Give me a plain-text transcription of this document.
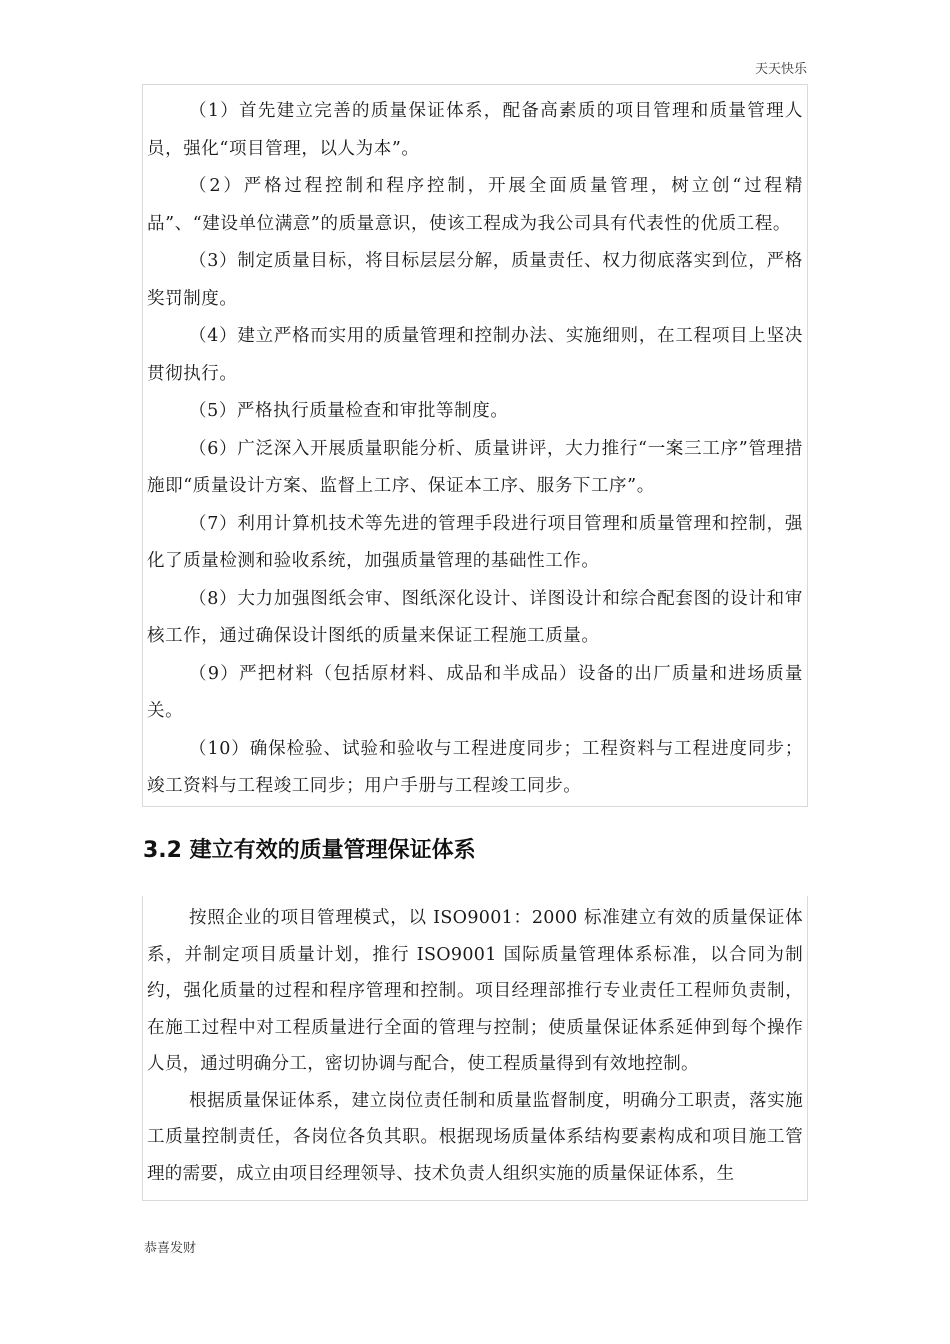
天天快乐

（1）首先建立完善的质量保证体系，配备高素质的项目管理和质量管理人员，强化“项目管理，以人为本”。

（2）严格过程控制和程序控制，开展全面质量管理，树立创“过程精品”、“建设单位满意”的质量意识，使该工程成为我公司具有代表性的优质工程。

（3）制定质量目标，将目标层层分解，质量责任、权力彻底落实到位，严格奖罚制度。

（4）建立严格而实用的质量管理和控制办法、实施细则，在工程项目上坚决贯彻执行。

（5）严格执行质量检查和审批等制度。

（6）广泛深入开展质量职能分析、质量讲评，大力推行“一案三工序”管理措施即“质量设计方案、监督上工序、保证本工序、服务下工序”。

（7）利用计算机技术等先进的管理手段进行项目管理和质量管理和控制，强化了质量检测和验收系统，加强质量管理的基础性工作。

（8）大力加强图纸会审、图纸深化设计、详图设计和综合配套图的设计和审核工作，通过确保设计图纸的质量来保证工程施工质量。

（9）严把材料（包括原材料、成品和半成品）设备的出厂质量和进场质量关。

（10）确保检验、试验和验收与工程进度同步；工程资料与工程进度同步；竣工资料与工程竣工同步；用户手册与工程竣工同步。

3.2 建立有效的质量管理保证体系

按照企业的项目管理模式，以 ISO9001：2000 标准建立有效的质量保证体系，并制定项目质量计划，推行 ISO9001 国际质量管理体系标准，以合同为制约，强化质量的过程和程序管理和控制。项目经理部推行专业责任工程师负责制，在施工过程中对工程质量进行全面的管理与控制；使质量保证体系延伸到每个操作人员，通过明确分工，密切协调与配合，使工程质量得到有效地控制。

根据质量保证体系，建立岗位责任制和质量监督制度，明确分工职责，落实施工质量控制责任，各岗位各负其职。根据现场质量体系结构要素构成和项目施工管理的需要，成立由项目经理领导、技术负责人组织实施的质量保证体系，生

恭喜发财
